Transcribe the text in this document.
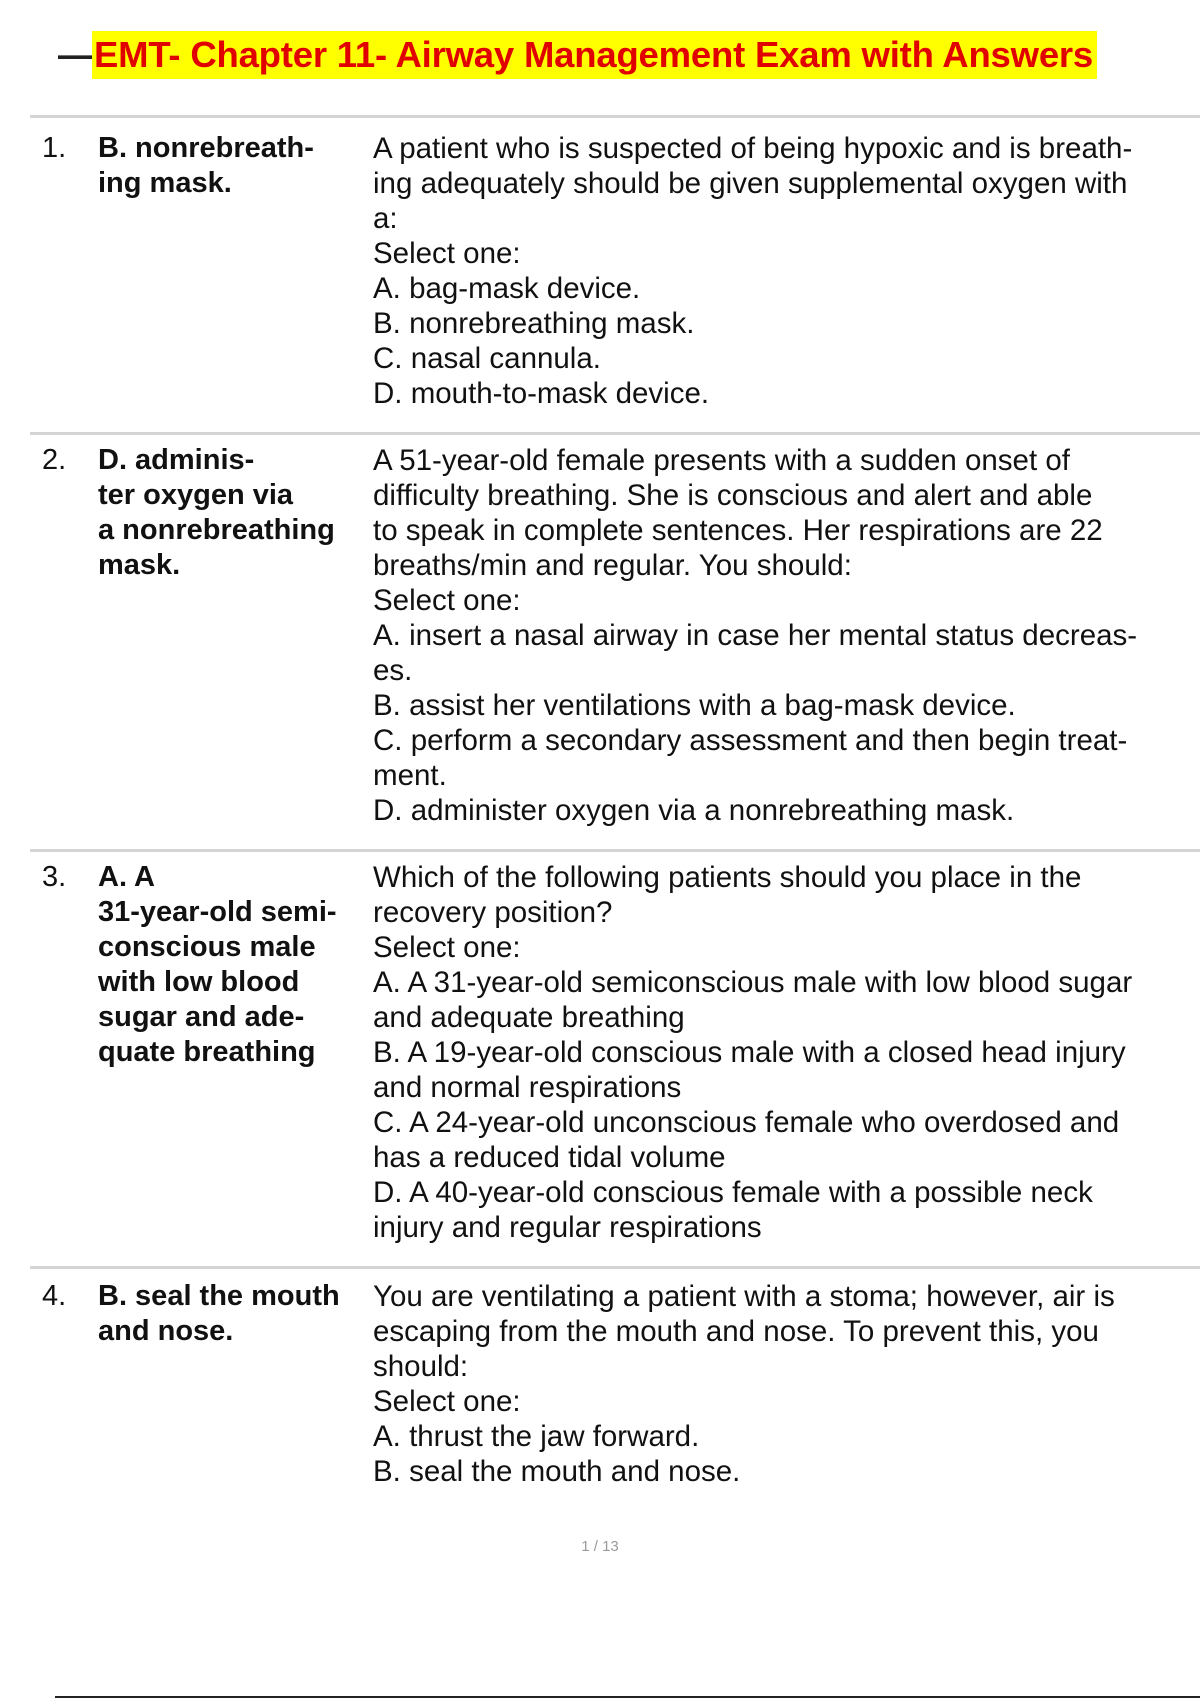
— EMT- Chapter 11- Airway Management Exam with Answers
1. B. nonrebreath-
ing mask.
A patient who is suspected of being hypoxic and is breath-
ing adequately should be given supplemental oxygen with
a:
Select one:
A. bag-mask device.
B. nonrebreathing mask.
C. nasal cannula.
D. mouth-to-mask device.
2. D. adminis-
ter oxygen via
a nonrebreathing
mask.
A 51-year-old female presents with a sudden onset of
difficulty breathing. She is conscious and alert and able
to speak in complete sentences. Her respirations are 22
breaths/min and regular. You should:
Select one:
A. insert a nasal airway in case her mental status decreas-
es.
B. assist her ventilations with a bag-mask device.
C. perform a secondary assessment and then begin treat-
ment.
D. administer oxygen via a nonrebreathing mask.
3. A. A
31-year-old semi-
conscious male
with low blood
sugar and ade-
quate breathing
Which of the following patients should you place in the
recovery position?
Select one:
A. A 31-year-old semiconscious male with low blood sugar
and adequate breathing
B. A 19-year-old conscious male with a closed head injury
and normal respirations
C. A 24-year-old unconscious female who overdosed and
has a reduced tidal volume
D. A 40-year-old conscious female with a possible neck
injury and regular respirations
4. B. seal the mouth
and nose.
You are ventilating a patient with a stoma; however, air is
escaping from the mouth and nose. To prevent this, you
should:
Select one:
A. thrust the jaw forward.
B. seal the mouth and nose.
1 / 13
